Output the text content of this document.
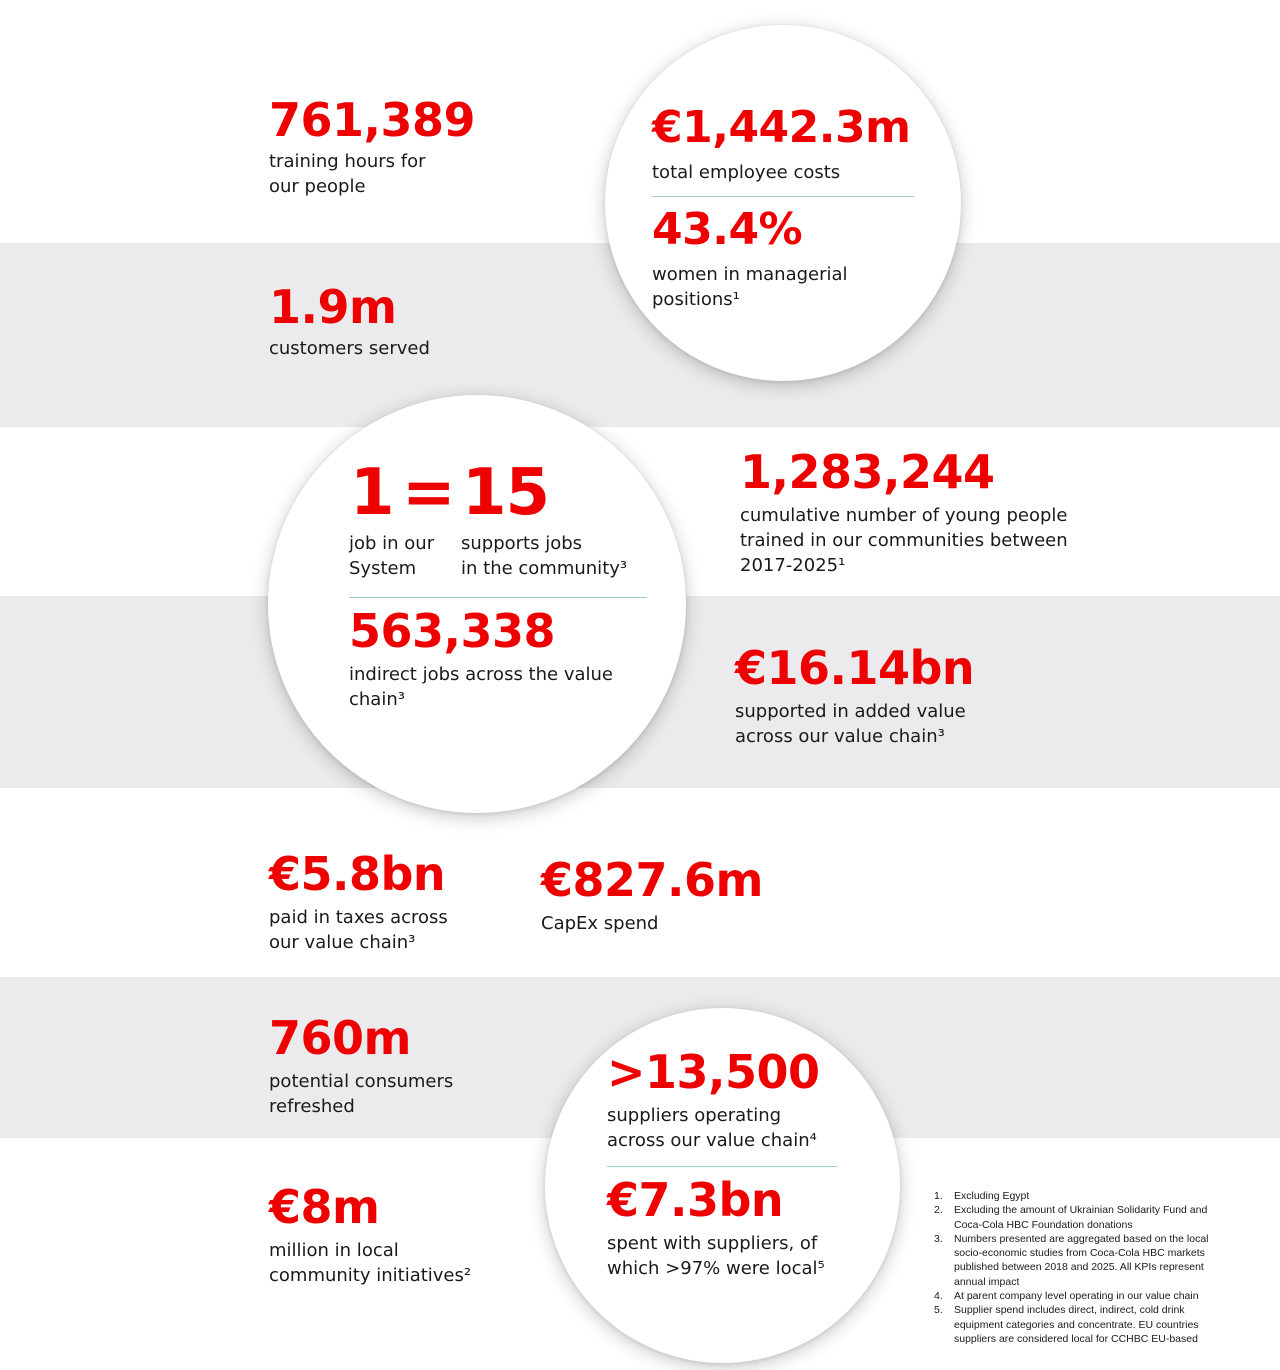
761,389
training hours for
our people
€1,442.3m
total employee costs
43.4%
women in managerial
positions¹
1.9m
customers served
1 = 15
job in our
System
supports jobs
in the community³
563,338
indirect jobs across the value
chain³
1,283,244
cumulative number of young people
trained in our communities between
2017-2025¹
€16.14bn
supported in added value
across our value chain³
€5.8bn
paid in taxes across
our value chain³
€827.6m
CapEx spend
760m
potential consumers
refreshed
>13,500
suppliers operating
across our value chain⁴
€7.3bn
spent with suppliers, of
which >97% were local⁵
€8m
million in local
community initiatives²
1.	Excluding Egypt
2.	Excluding the amount of Ukrainian Solidarity Fund and Coca-Cola HBC Foundation donations
3.	Numbers presented are aggregated based on the local socio-economic studies from Coca-Cola HBC markets published between 2018 and 2025. All KPIs represent annual impact
4.	At parent company level operating in our value chain
5.	Supplier spend includes direct, indirect, cold drink equipment categories and concentrate. EU countries suppliers are considered local for CCHBC EU-based
